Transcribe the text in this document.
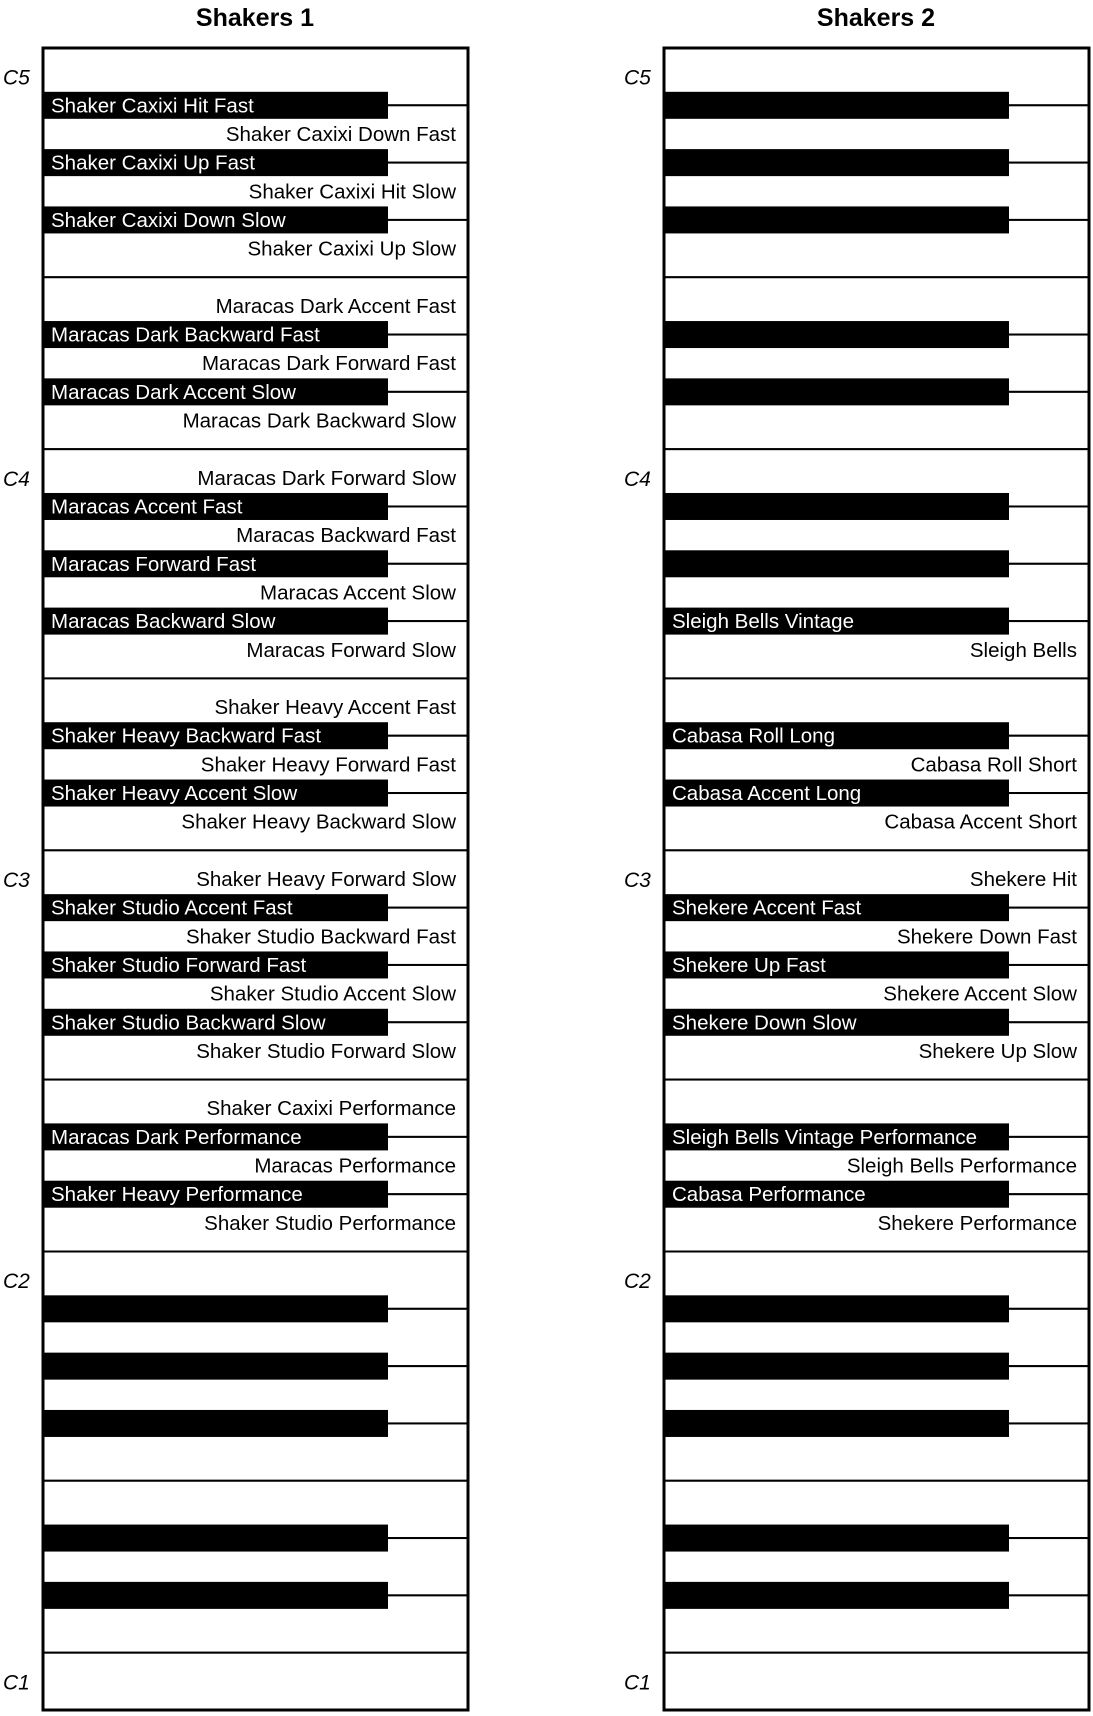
Shakers 1
Shaker Caxixi Down Fast
Shaker Caxixi Hit Slow
Shaker Caxixi Up Slow
Maracas Dark Accent Fast
Maracas Dark Forward Fast
Maracas Dark Backward Slow
Maracas Dark Forward Slow
Maracas Backward Fast
Maracas Accent Slow
Maracas Forward Slow
Shaker Heavy Accent Fast
Shaker Heavy Forward Fast
Shaker Heavy Backward Slow
Shaker Heavy Forward Slow
Shaker Studio Backward Fast
Shaker Studio Accent Slow
Shaker Studio Forward Slow
Shaker Caxixi Performance
Maracas Performance
Shaker Studio Performance
Shaker Caxixi Hit Fast
Shaker Caxixi Up Fast
Shaker Caxixi Down Slow
Maracas Dark Backward Fast
Maracas Dark Accent Slow
Maracas Accent Fast
Maracas Forward Fast
Maracas Backward Slow
Shaker Heavy Backward Fast
Shaker Heavy Accent Slow
Shaker Studio Accent Fast
Shaker Studio Forward Fast
Shaker Studio Backward Slow
Maracas Dark Performance
Shaker Heavy Performance
C5
C4
C3
C2
C1
Shakers 2
Sleigh Bells
Cabasa Roll Short
Cabasa Accent Short
Shekere Hit
Shekere Down Fast
Shekere Accent Slow
Shekere Up Slow
Sleigh Bells Performance
Shekere Performance
Sleigh Bells Vintage
Cabasa Roll Long
Cabasa Accent Long
Shekere Accent Fast
Shekere Up Fast
Shekere Down Slow
Sleigh Bells Vintage Performance
Cabasa Performance
C5
C4
C3
C2
C1
